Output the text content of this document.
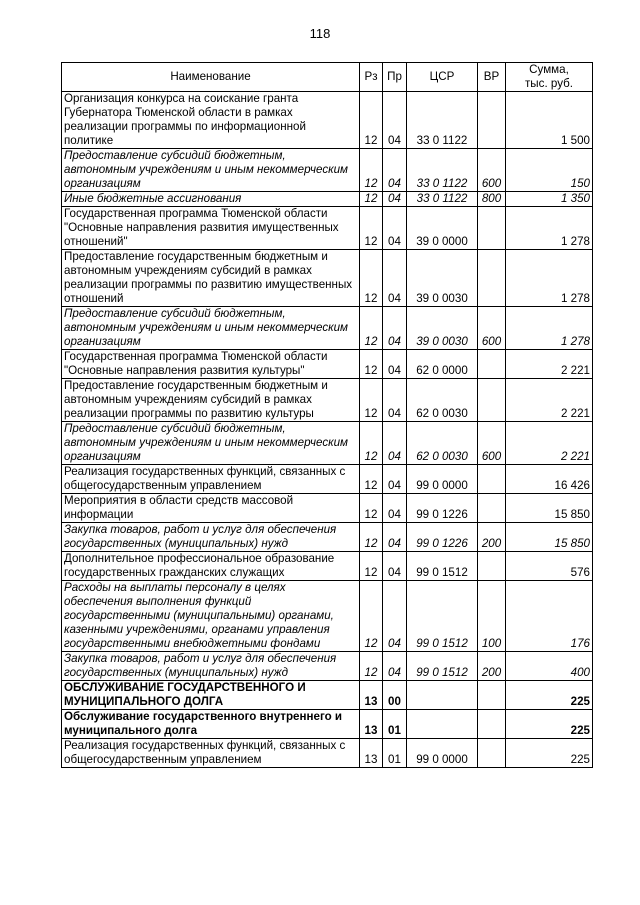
118
Наименование	Рз	Пр	ЦСР	ВР	Сумма,
тыс. руб.
Организация конкурса на соискание гранта Губернатора Тюменской области в рамках реализации программы по информационной политике	12	04	33 0 1122		1 500
Предоставление субсидий бюджетным, автономным учреждениям и иным некоммерческим организациям	12	04	33 0 1122	600	150
Иные бюджетные ассигнования	12	04	33 0 1122	800	1 350
Государственная программа Тюменской области "Основные направления развития имущественных отношений"	12	04	39 0 0000		1 278
Предоставление государственным бюджетным и автономным учреждениям субсидий в рамках реализации программы по развитию имущественных отношений	12	04	39 0 0030		1 278
Предоставление субсидий бюджетным, автономным учреждениям и иным некоммерческим организациям	12	04	39 0 0030	600	1 278
Государственная программа Тюменской области "Основные направления развития культуры"	12	04	62 0 0000		2 221
Предоставление государственным бюджетным и автономным учреждениям субсидий в рамках реализации программы по развитию культуры	12	04	62 0 0030		2 221
Предоставление субсидий бюджетным, автономным учреждениям и иным некоммерческим организациям	12	04	62 0 0030	600	2 221
Реализация государственных функций, связанных с общегосударственным управлением	12	04	99 0 0000		16 426
Мероприятия в области средств массовой информации	12	04	99 0 1226		15 850
Закупка товаров, работ и услуг для обеспечения государственных (муниципальных) нужд	12	04	99 0 1226	200	15 850
Дополнительное профессиональное образование государственных гражданских служащих	12	04	99 0 1512		576
Расходы на выплаты персоналу в целях обеспечения выполнения функций государственными (муниципальными) органами, казенными учреждениями, органами управления государственными внебюджетными фондами	12	04	99 0 1512	100	176
Закупка товаров, работ и услуг для обеспечения государственных (муниципальных) нужд	12	04	99 0 1512	200	400
ОБСЛУЖИВАНИЕ ГОСУДАРСТВЕННОГО И МУНИЦИПАЛЬНОГО ДОЛГА	13	00			225
Обслуживание государственного внутреннего и муниципального долга	13	01			225
Реализация государственных функций, связанных с общегосударственным управлением	13	01	99 0 0000		225
